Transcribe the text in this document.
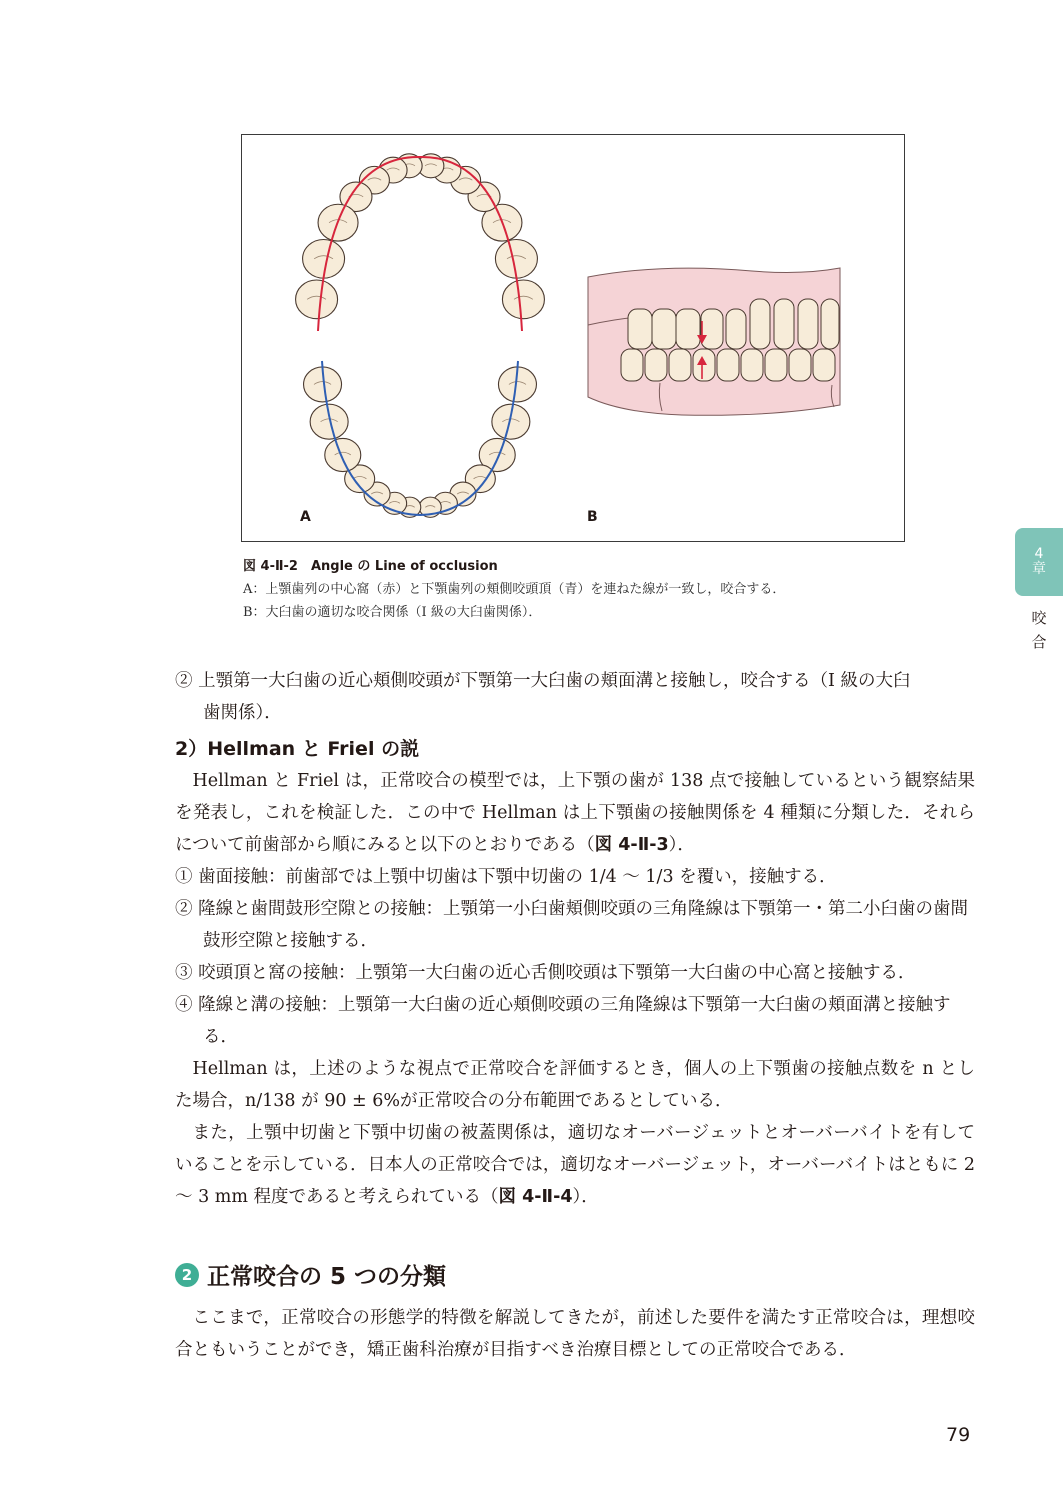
A	B
図 4-Ⅱ-2　Angle の Line of occlusion
A：上顎歯列の中心窩（赤）と下顎歯列の頬側咬頭頂（青）を連ねた線が一致し，咬合する．
B：大臼歯の適切な咬合関係（I 級の大臼歯関係）．
4
章
咬合

② 上顎第一大臼歯の近心頬側咬頭が下顎第一大臼歯の頬面溝と接触し，咬合する（I 級の大臼

歯関係）．

2）Hellman と Friel の説

Hellman と Friel は，正常咬合の模型では，上下顎の歯が 138 点で接触しているという観察結果を発表し，これを検証した．この中で Hellman は上下顎歯の接触関係を 4 種類に分類した．それらについて前歯部から順にみると以下のとおりである（図 4-Ⅱ-3）．

① 歯面接触：前歯部では上顎中切歯は下顎中切歯の 1/4 〜 1/3 を覆い，接触する．

② 隆線と歯間鼓形空隙との接触：上顎第一小臼歯頬側咬頭の三角隆線は下顎第一・第二小臼歯の歯間鼓形空隙と接触する．

③ 咬頭頂と窩の接触：上顎第一大臼歯の近心舌側咬頭は下顎第一大臼歯の中心窩と接触する．

④ 隆線と溝の接触：上顎第一大臼歯の近心頬側咬頭の三角隆線は下顎第一大臼歯の頬面溝と接触する．

Hellman は，上述のような視点で正常咬合を評価するとき，個人の上下顎歯の接触点数を n とした場合，n/138 が 90 ± 6%が正常咬合の分布範囲であるとしている．

また，上顎中切歯と下顎中切歯の被蓋関係は，適切なオーバージェットとオーバーバイトを有していることを示している．日本人の正常咬合では，適切なオーバージェット，オーバーバイトはともに 2 〜 3 mm 程度であると考えられている（図 4-Ⅱ-4）．

2 正常咬合の 5 つの分類

ここまで，正常咬合の形態学的特徴を解説してきたが，前述した要件を満たす正常咬合は，理想咬合ともいうことができ，矯正歯科治療が目指すべき治療目標としての正常咬合である．

79
